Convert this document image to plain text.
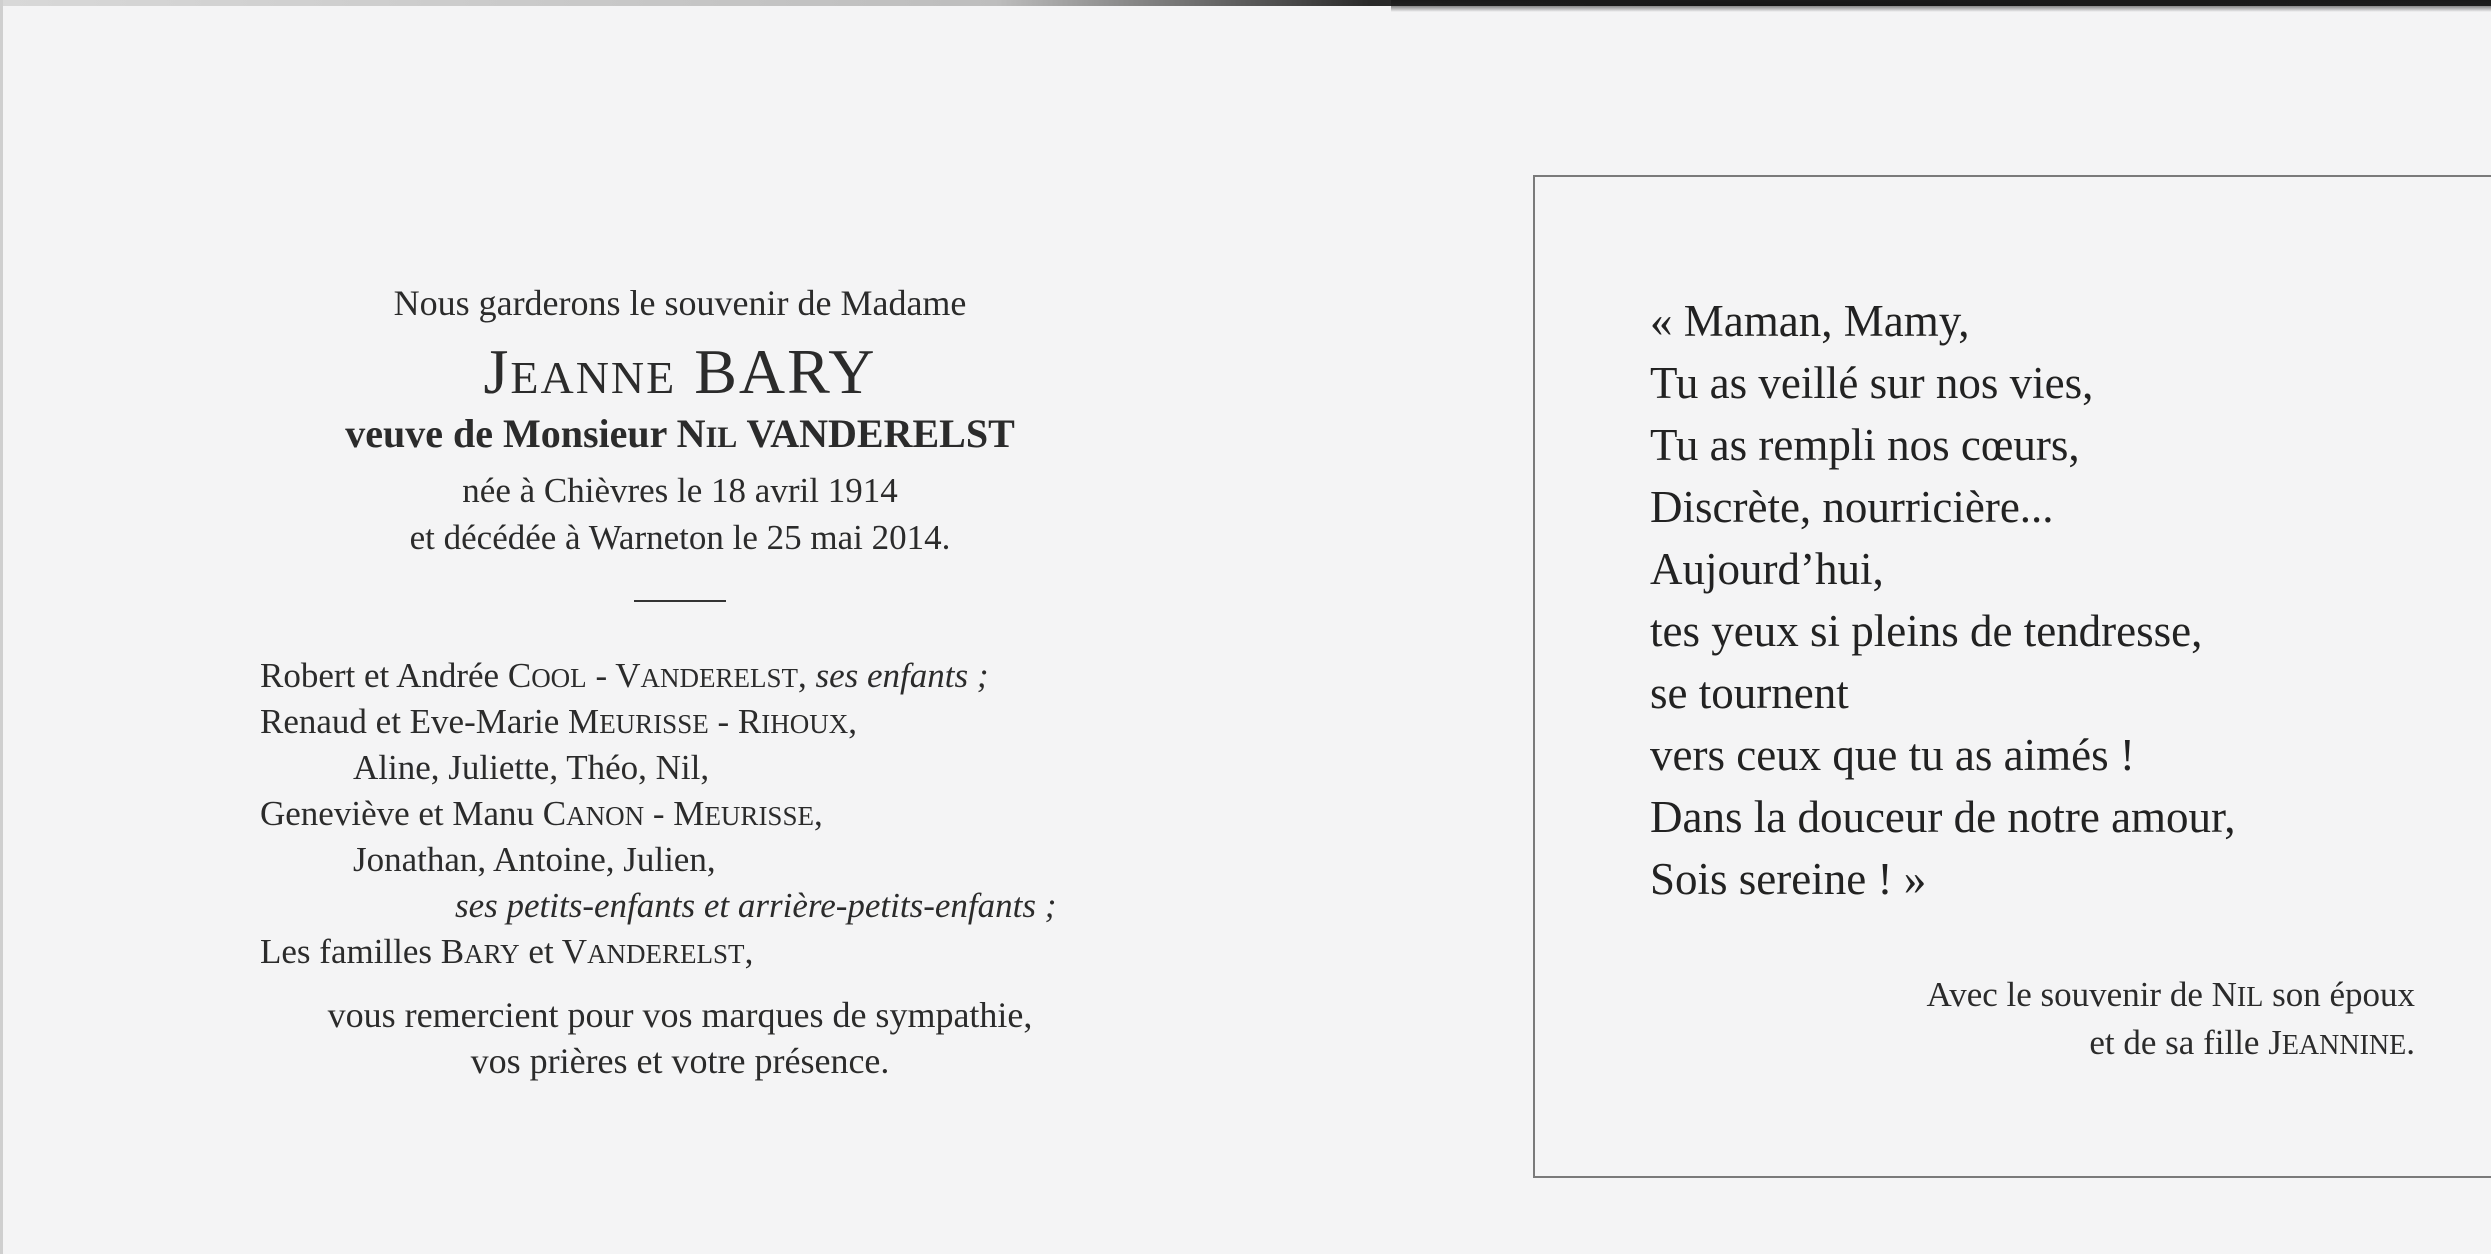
Nous garderons le souvenir de Madame
JEANNE BARY
veuve de Monsieur NIL VANDERELST
née à Chièvres le 18 avril 1914
et décédée à Warneton le 25 mai 2014.
Robert et Andrée COOL - VANDERELST, ses enfants ;
Renaud et Eve-Marie MEURISSE - RIHOUX,
Aline, Juliette, Théo, Nil,
Geneviève et Manu CANON - MEURISSE,
Jonathan, Antoine, Julien,
ses petits-enfants et arrière-petits-enfants ;
Les familles BARY et VANDERELST,
vous remercient pour vos marques de sympathie,
vos prières et votre présence.
« Maman, Mamy,
Tu as veillé sur nos vies,
Tu as rempli nos cœurs,
Discrète, nourricière...
Aujourd’hui,
tes yeux si pleins de tendresse,
se tournent
vers ceux que tu as aimés !
Dans la douceur de notre amour,
Sois sereine ! »
Avec le souvenir de NIL son époux
et de sa fille JEANNINE.
